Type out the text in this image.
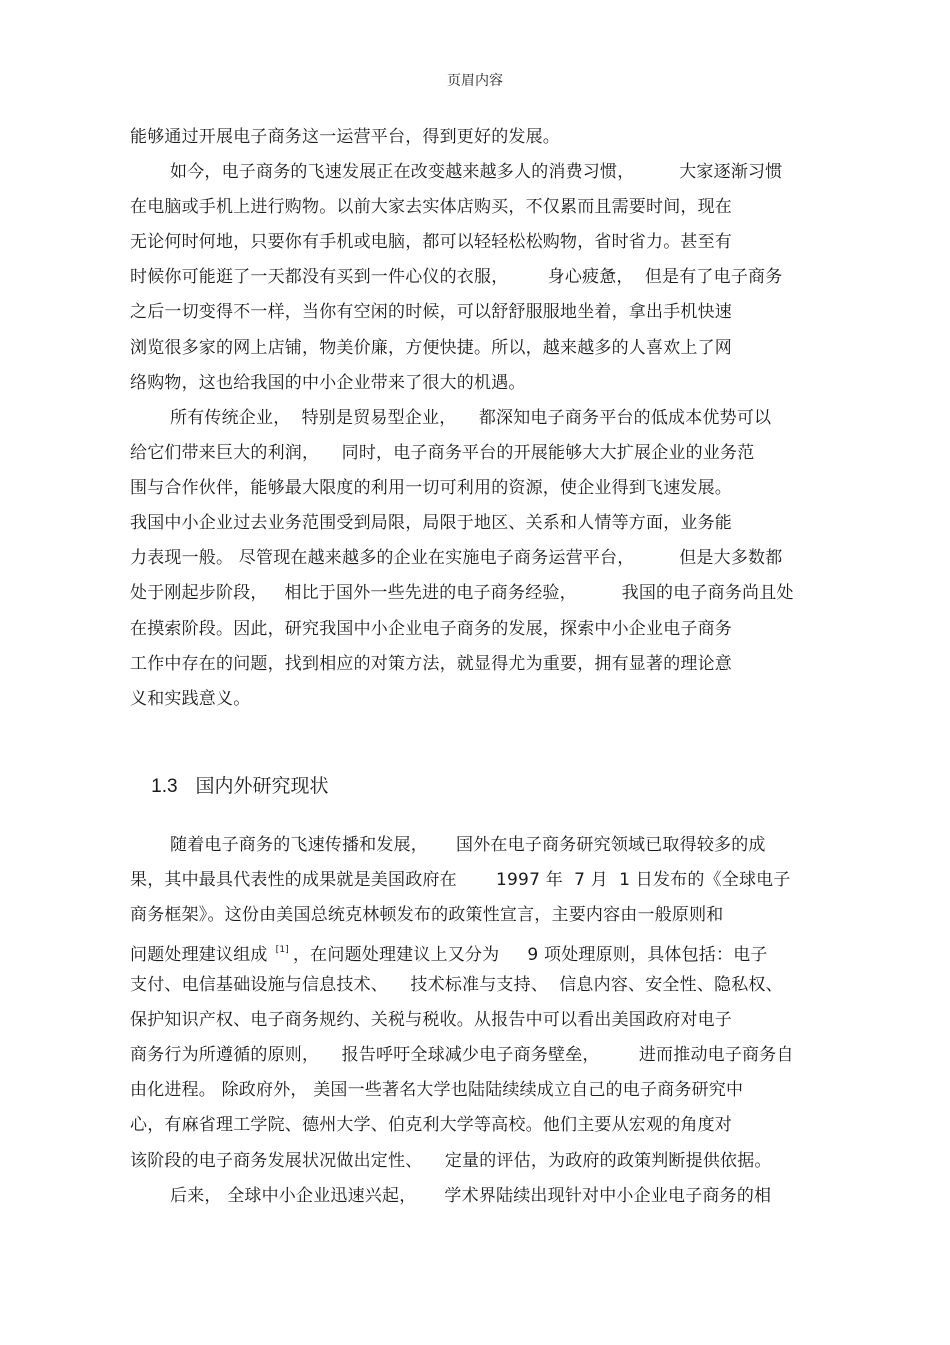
页眉内容
能够通过开展电子商务这一运营平台，得到更好的发展。
如今，电子商务的飞速发展正在改变越来越多人的消费习惯，        大家逐渐习惯
在电脑或手机上进行购物。以前大家去实体店购买，不仅累而且需要时间，现在
无论何时何地，只要你有手机或电脑，都可以轻轻松松购物，省时省力。甚至有
时候你可能逛了一天都没有买到一件心仪的衣服，       身心疲惫，  但是有了电子商务
之后一切变得不一样，当你有空闲的时候，可以舒舒服服地坐着，拿出手机快速
浏览很多家的网上店铺，物美价廉，方便快捷。所以，越来越多的人喜欢上了网
络购物，这也给我国的中小企业带来了很大的机遇。
所有传统企业，  特别是贸易型企业，    都深知电子商务平台的低成本优势可以
给它们带来巨大的利润，    同时，电子商务平台的开展能够大大扩展企业的业务范
围与合作伙伴，能够最大限度的利用一切可利用的资源，使企业得到飞速发展。
我国中小企业过去业务范围受到局限，局限于地区、关系和人情等方面，业务能
力表现一般。 尽管现在越来越多的企业在实施电子商务运营平台，        但是大多数都
处于刚起步阶段，   相比于国外一些先进的电子商务经验，        我国的电子商务尚且处
在摸索阶段。因此，研究我国中小企业电子商务的发展，探索中小企业电子商务
工作中存在的问题，找到相应的对策方法，就显得尤为重要，拥有显著的理论意
义和实践意义。

1.3 国内外研究现状

随着电子商务的飞速传播和发展，     国外在电子商务研究领域已取得较多的成
果，其中最具代表性的成果就是美国政府在       1997 年  7 月  1 日发布的《全球电子
商务框架》。这份由美国总统克林顿发布的政策性宣言，主要内容由一般原则和
问题处理建议组成 [1] ，在问题处理建议上又分为     9 项处理原则，具体包括：电子
支付、电信基础设施与信息技术、    技术标准与支持、  信息内容、安全性、隐私权、
保护知识产权、电子商务规约、关税与税收。从报告中可以看出美国政府对电子
商务行为所遵循的原则，    报告呼吁全球减少电子商务壁垒，       进而推动电子商务自
由化进程。 除政府外， 美国一些著名大学也陆陆续续成立自己的电子商务研究中
心，有麻省理工学院、德州大学、伯克利大学等高校。他们主要从宏观的角度对
该阶段的电子商务发展状况做出定性、    定量的评估，为政府的政策判断提供依据。
后来， 全球中小企业迅速兴起，     学术界陆续出现针对中小企业电子商务的相
